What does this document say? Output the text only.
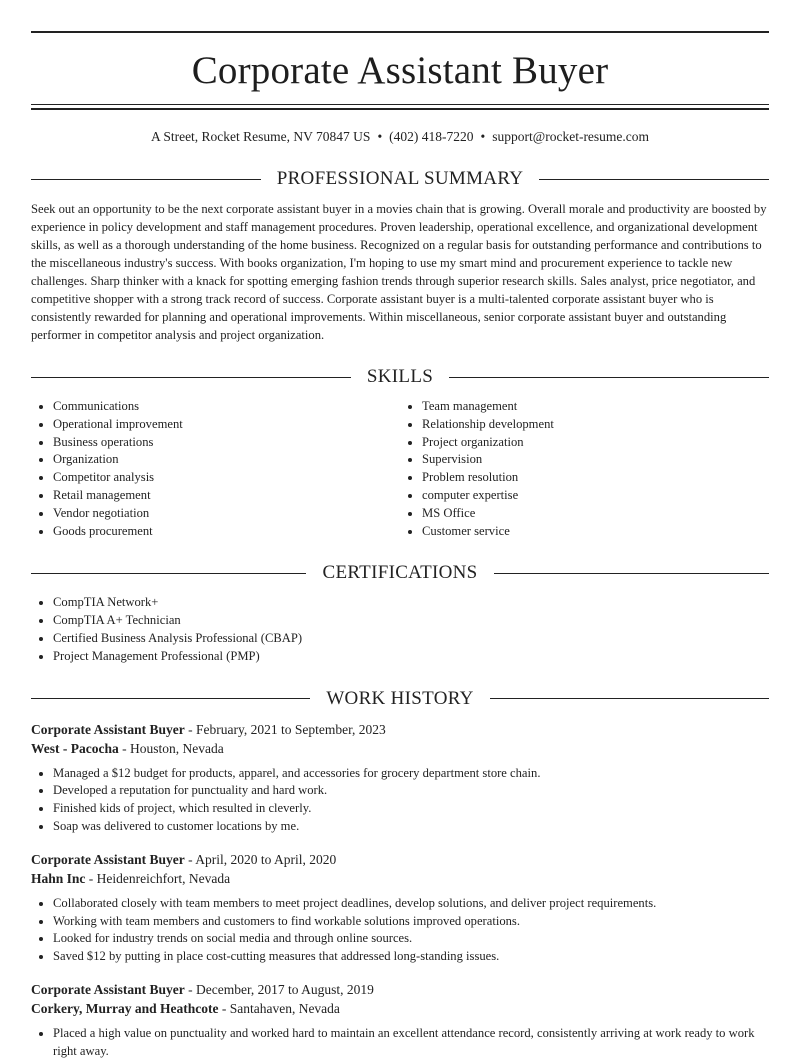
Corporate Assistant Buyer
A Street, Rocket Resume, NV 70847 US • (402) 418-7220 • support@rocket-resume.com
PROFESSIONAL SUMMARY

Seek out an opportunity to be the next corporate assistant buyer in a movies chain that is growing. Overall morale and productivity are boosted by experience in policy development and staff management procedures. Proven leadership, operational excellence, and organizational development skills, as well as a thorough understanding of the home business. Recognized on a regular basis for outstanding performance and contributions to the miscellaneous industry's success. With books organization, I'm hoping to use my smart mind and procurement experience to tackle new challenges. Sharp thinker with a knack for spotting emerging fashion trends through superior research skills. Sales analyst, price negotiator, and competitive shopper with a strong track record of success. Corporate assistant buyer is a multi-talented corporate assistant buyer who is consistently rewarded for planning and operational improvements. Within miscellaneous, senior corporate assistant buyer and outstanding performer in competitor analysis and project organization.

SKILLS
• Communications
• Operational improvement
• Business operations
• Organization
• Competitor analysis
• Retail management
• Vendor negotiation
• Goods procurement
• Team management
• Relationship development
• Project organization
• Supervision
• Problem resolution
• computer expertise
• MS Office
• Customer service
CERTIFICATIONS
• CompTIA Network+
• CompTIA A+ Technician
• Certified Business Analysis Professional (CBAP)
• Project Management Professional (PMP)
WORK HISTORY
Corporate Assistant Buyer - February, 2021 to September, 2023
West - Pacocha - Houston, Nevada
• Managed a $12 budget for products, apparel, and accessories for grocery department store chain.
• Developed a reputation for punctuality and hard work.
• Finished kids of project, which resulted in cleverly.
• Soap was delivered to customer locations by me.
Corporate Assistant Buyer - April, 2020 to April, 2020
Hahn Inc - Heidenreichfort, Nevada
• Collaborated closely with team members to meet project deadlines, develop solutions, and deliver project requirements.
• Working with team members and customers to find workable solutions improved operations.
• Looked for industry trends on social media and through online sources.
• Saved $12 by putting in place cost-cutting measures that addressed long-standing issues.
Corporate Assistant Buyer - December, 2017 to August, 2019
Corkery, Murray and Heathcote - Santahaven, Nevada
• Placed a high value on punctuality and worked hard to maintain an excellent attendance record, consistently arriving at work ready to work right away.
